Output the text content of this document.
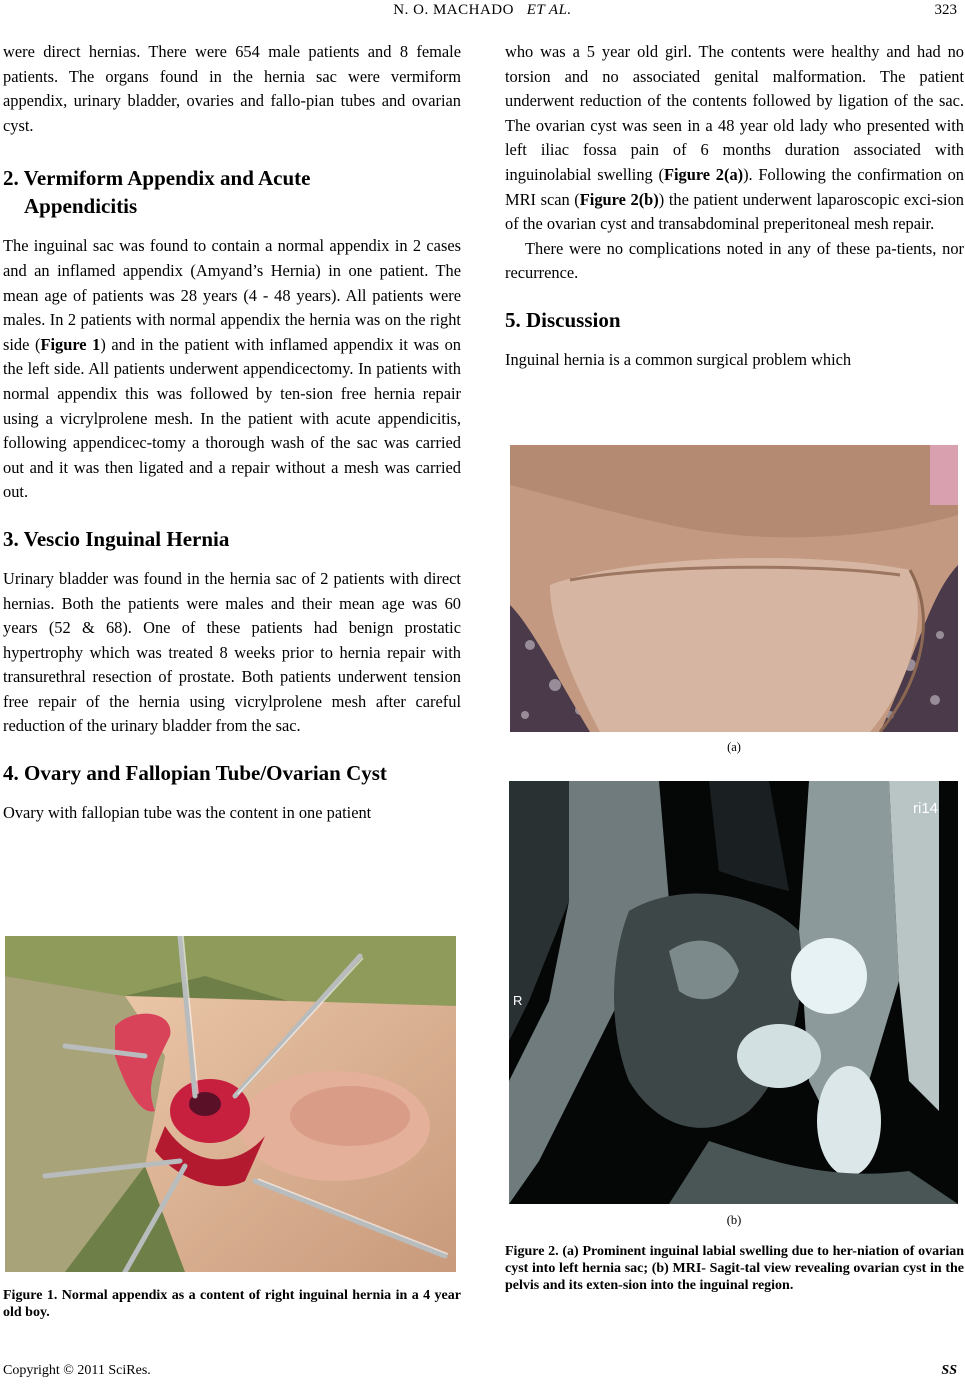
N. O. MACHADO ET AL.	323

were direct hernias. There were 654 male patients and 8 female patients. The organs found in the hernia sac were vermiform appendix, urinary bladder, ovaries and fallo-pian tubes and ovarian cyst.

2. Vermiform Appendix and Acute
Appendicitis

The inguinal sac was found to contain a normal appendix in 2 cases and an inflamed appendix (Amyand’s Hernia) in one patient. The mean age of patients was 28 years (4 - 48 years). All patients were males. In 2 patients with normal appendix the hernia was on the right side (Figure 1) and in the patient with inflamed appendix it was on the left side. All patients underwent appendicectomy. In patients with normal appendix this was followed by ten-sion free hernia repair using a vicrylprolene mesh. In the patient with acute appendicitis, following appendicec-tomy a thorough wash of the sac was carried out and it was then ligated and a repair without a mesh was carried out.

3. Vescio Inguinal Hernia

Urinary bladder was found in the hernia sac of 2 patients with direct hernias. Both the patients were males and their mean age was 60 years (52 & 68). One of these patients had benign prostatic hypertrophy which was treated 8 weeks prior to hernia repair with transurethral resection of prostate. Both patients underwent tension free repair of the hernia using vicrylprolene mesh after careful reduction of the urinary bladder from the sac.

4. Ovary and Fallopian Tube/Ovarian Cyst

Ovary with fallopian tube was the content in one patient

Figure 1. Normal appendix as a content of right inguinal hernia in a 4 year old boy.

who was a 5 year old girl. The contents were healthy and had no torsion and no associated genital malformation. The patient underwent reduction of the contents followed by ligation of the sac. The ovarian cyst was seen in a 48 year old lady who presented with left iliac fossa pain of 6 months duration associated with inguinolabial swelling (Figure 2(a)). Following the confirmation on MRI scan (Figure 2(b)) the patient underwent laparoscopic exci-sion of the ovarian cyst and transabdominal preperitoneal mesh repair.

There were no complications noted in any of these pa-tients, nor recurrence.

5. Discussion

Inguinal hernia is a common surgical problem which

(a)
ri14
R
(b)
Figure 2. (a) Prominent inguinal labial swelling due to her-niation of ovarian cyst into left hernia sac; (b) MRI- Sagit-tal view revealing ovarian cyst in the pelvis and its exten-sion into the inguinal region.
Copyright © 2011 SciRes.	SS
